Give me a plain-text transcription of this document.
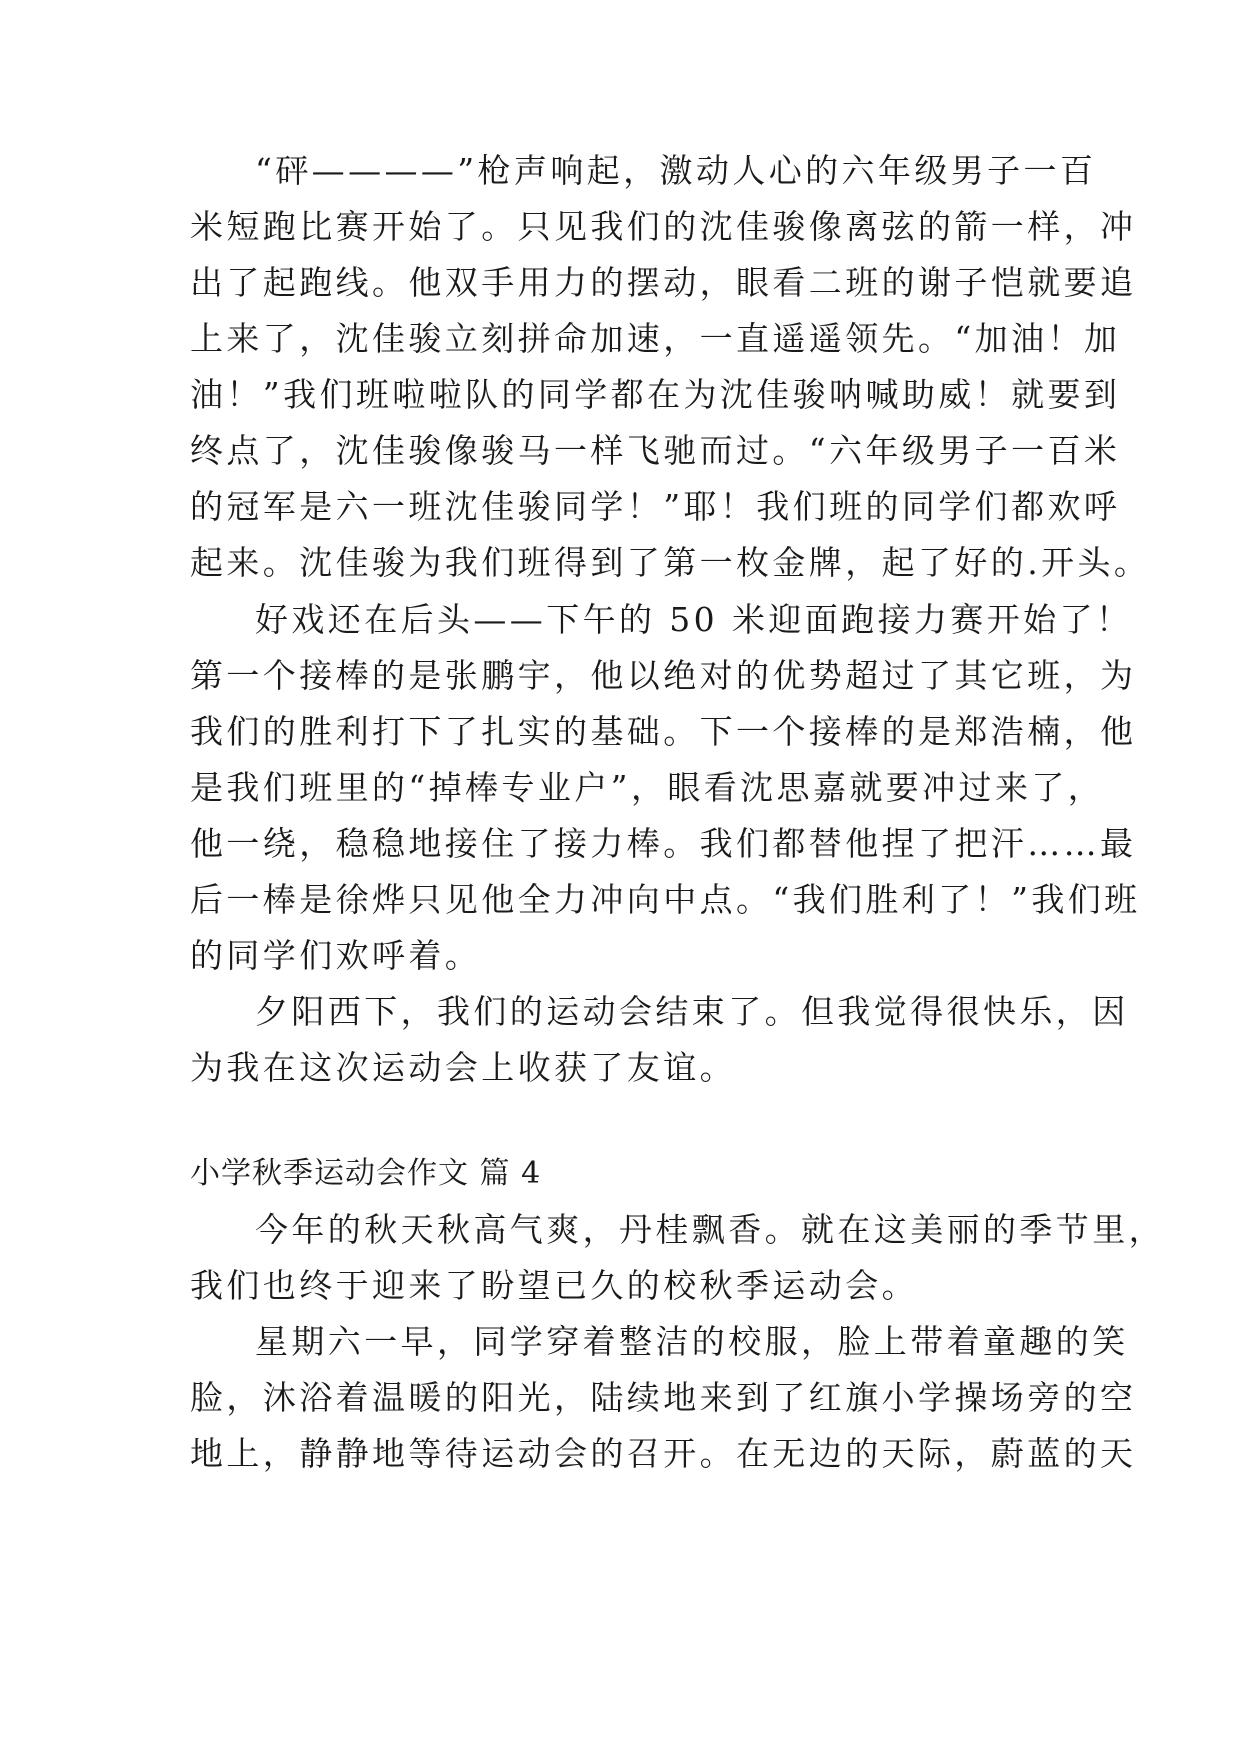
“砰————”枪声响起，激动人心的六年级男子一百
米短跑比赛开始了。只见我们的沈佳骏像离弦的箭一样，冲
出了起跑线。他双手用力的摆动，眼看二班的谢子恺就要追
上来了，沈佳骏立刻拼命加速，一直遥遥领先。“加油！加
油！”我们班啦啦队的同学都在为沈佳骏呐喊助威！就要到
终点了，沈佳骏像骏马一样飞驰而过。“六年级男子一百米
的冠军是六一班沈佳骏同学！”耶！我们班的同学们都欢呼
起来。沈佳骏为我们班得到了第一枚金牌，起了好的.开头。
好戏还在后头——下午的 50 米迎面跑接力赛开始了！
第一个接棒的是张鹏宇，他以绝对的优势超过了其它班，为
我们的胜利打下了扎实的基础。下一个接棒的是郑浩楠，他
是我们班里的“掉棒专业户”，眼看沈思嘉就要冲过来了，
他一绕，稳稳地接住了接力棒。我们都替他捏了把汗……最
后一棒是徐烨只见他全力冲向中点。“我们胜利了！”我们班
的同学们欢呼着。
夕阳西下，我们的运动会结束了。但我觉得很快乐，因
为我在这次运动会上收获了友谊。
小学秋季运动会作文 篇 4
今年的秋天秋高气爽，丹桂飘香。就在这美丽的季节里，
我们也终于迎来了盼望已久的校秋季运动会。
星期六一早，同学穿着整洁的校服，脸上带着童趣的笑
脸，沐浴着温暖的阳光，陆续地来到了红旗小学操场旁的空
地上，静静地等待运动会的召开。在无边的天际，蔚蓝的天
